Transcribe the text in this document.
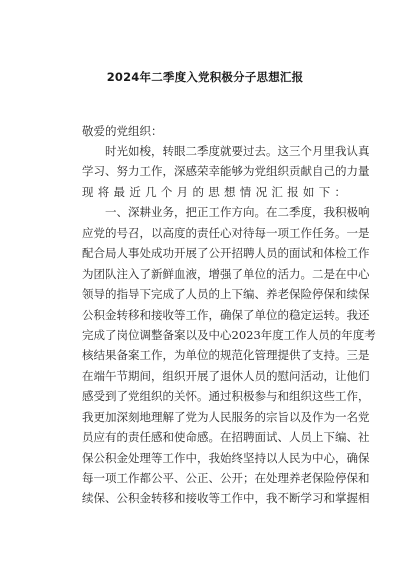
2024年二季度入党积极分子思想汇报
敬爱的党组织：
时光如梭，转眼二季度就要过去。这三个月里我认真
学习、努力工作，深感荣幸能够为党组织贡献自己的力量
现将最近几个月的思想情况汇报如下：
一、深耕业务，把正工作方向。在二季度，我积极响
应党的号召，以高度的责任心对待每一项工作任务。一是
配合局人事处成功开展了公开招聘人员的面试和体检工作
为团队注入了新鲜血液，增强了单位的活力。二是在中心
领导的指导下完成了人员的上下编、养老保险停保和续保
公积金转移和接收等工作，确保了单位的稳定运转。我还
完成了岗位调整备案以及中心2023年度工作人员的年度考
核结果备案工作，为单位的规范化管理提供了支持。三是
在端午节期间，组织开展了退休人员的慰问活动，让他们
感受到了党组织的关怀。通过积极参与和组织这些工作，
我更加深刻地理解了党为人民服务的宗旨以及作为一名党
员应有的责任感和使命感。在招聘面试、人员上下编、社
保公积金处理等工作中，我始终坚持以人民为中心，确保
每一项工作都公平、公正、公开；在处理养老保险停保和
续保、公积金转移和接收等工作中，我不断学习和掌握相
